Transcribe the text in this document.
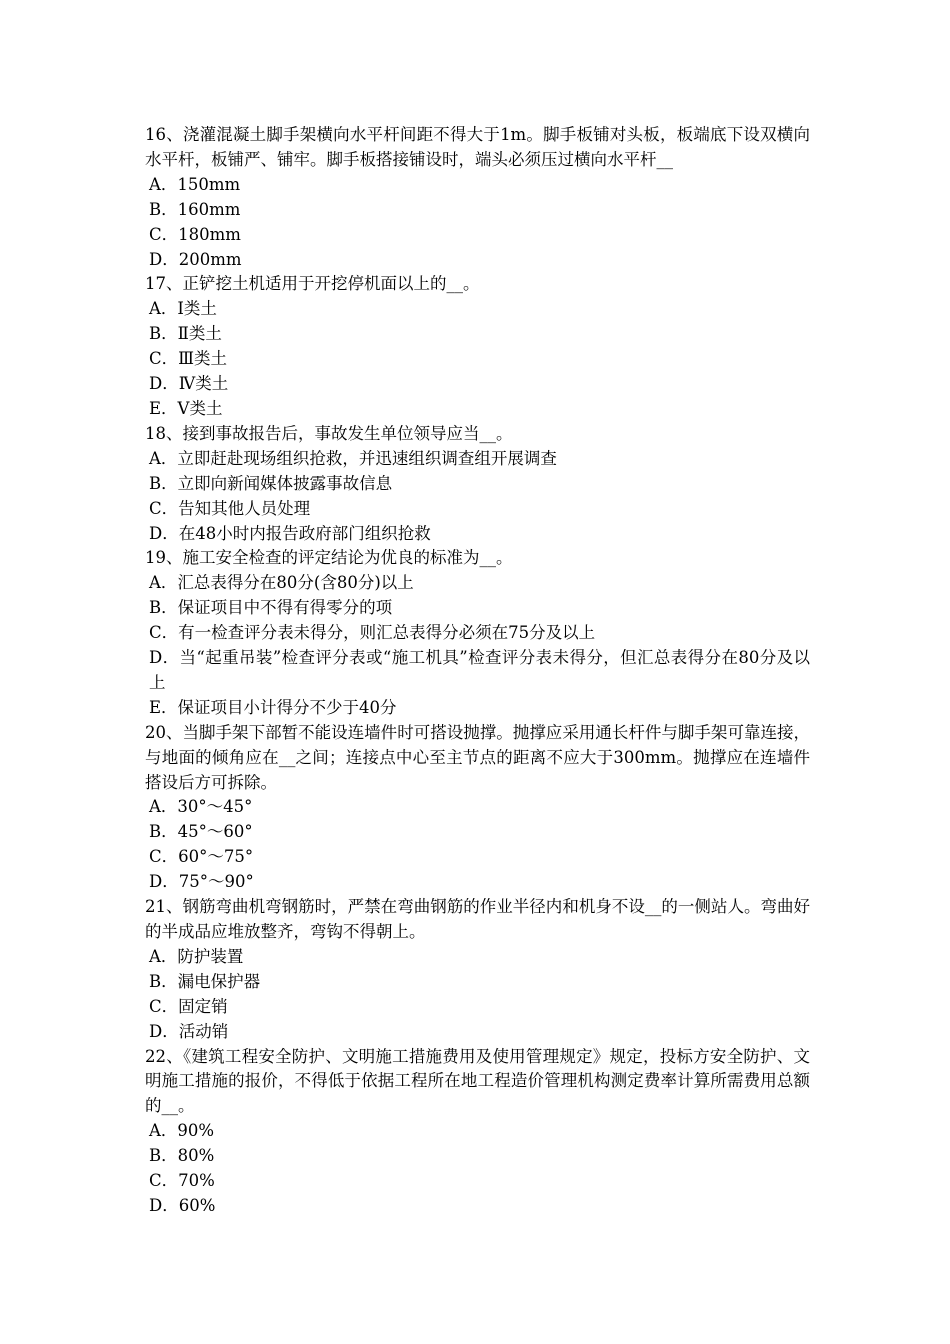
16、浇灌混凝土脚手架横向水平杆间距不得大于1m。脚手板铺对头板，板端底下设双横向水平杆，板铺严、铺牢。脚手板搭接铺设时，端头必须压过横向水平杆__
A．150mm
B．160mm
C．180mm
D．200mm
17、正铲挖土机适用于开挖停机面以上的__。
A．Ⅰ类土
B．Ⅱ类土
C．Ⅲ类土
D．Ⅳ类土
E．Ⅴ类土
18、接到事故报告后，事故发生单位领导应当__。
A．立即赶赴现场组织抢救，并迅速组织调查组开展调查
B．立即向新闻媒体披露事故信息
C．告知其他人员处理
D．在48小时内报告政府部门组织抢救
19、施工安全检查的评定结论为优良的标准为__。
A．汇总表得分在80分(含80分)以上
B．保证项目中不得有得零分的项
C．有一检查评分表未得分，则汇总表得分必须在75分及以上
D．当“起重吊装”检查评分表或“施工机具”检查评分表未得分，但汇总表得分在80分及以上
E．保证项目小计得分不少于40分
20、当脚手架下部暂不能设连墙件时可搭设抛撑。抛撑应采用通长杆件与脚手架可靠连接，与地面的倾角应在__之间；连接点中心至主节点的距离不应大于300mm。抛撑应在连墙件搭设后方可拆除。
A．30°～45°
B．45°～60°
C．60°～75°
D．75°～90°
21、钢筋弯曲机弯钢筋时，严禁在弯曲钢筋的作业半径内和机身不设__的一侧站人。弯曲好的半成品应堆放整齐，弯钩不得朝上。
A．防护装置
B．漏电保护器
C．固定销
D．活动销
22、《建筑工程安全防护、文明施工措施费用及使用管理规定》规定，投标方安全防护、文明施工措施的报价，不得低于依据工程所在地工程造价管理机构测定费率计算所需费用总额的__。
A．90%
B．80%
C．70%
D．60%
